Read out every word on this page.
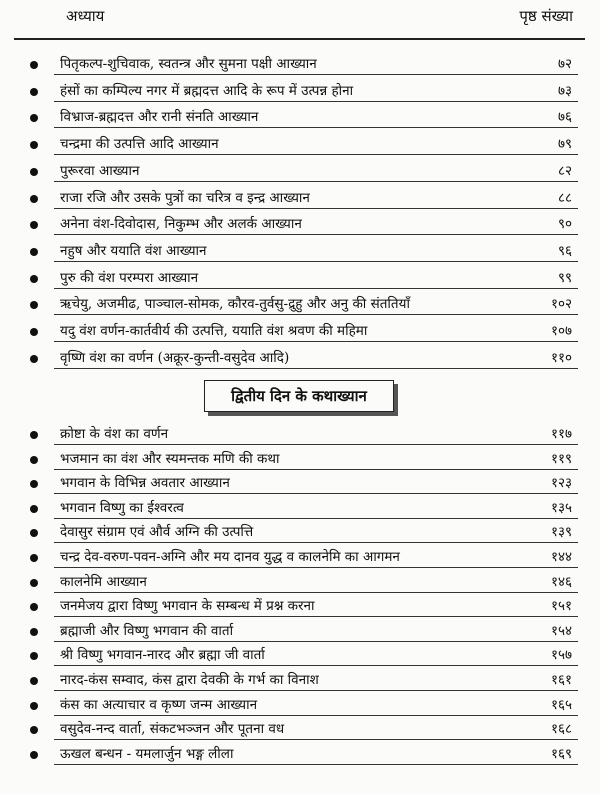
अध्याय	पृष्ठ संख्या
पितृकल्प-शुचिवाक, स्वतन्त्र और सुमना पक्षी आख्यान	७२
हंसों का कम्पिल्य नगर में ब्रह्मदत्त आदि के रूप में उत्पन्न होना	७३
विभ्राज-ब्रह्मदत्त और रानी संनति आख्यान	७६
चन्द्रमा की उत्पत्ति आदि आख्यान	७९
पुरूरवा आख्यान	८२
राजा रजि और उसके पुत्रों का चरित्र व इन्द्र आख्यान	८८
अनेना वंश-दिवोदास, निकुम्भ और अलर्क आख्यान	९०
नहुष और ययाति वंश आख्यान	९६
पुरु की वंश परम्परा आख्यान	९९
ऋचेयु, अजमीढ, पाञ्चाल-सोमक, कौरव-तुर्वसु-द्रुहु और अनु की संततियाँ	१०२
यदु वंश वर्णन-कार्तवीर्य की उत्पत्ति, ययाति वंश श्रवण की महिमा	१०७
वृष्णि वंश का वर्णन (अक्रूर-कुन्ती-वसुदेव आदि)	११०
द्वितीय दिन के कथाख्यान
क्रोष्टा के वंश का वर्णन	११७
भजमान का वंश और स्यमन्तक मणि की कथा	११९
भगवान के विभिन्न अवतार आख्यान	१२३
भगवान विष्णु का ईश्वरत्व	१३५
देवासुर संग्राम एवं और्व अग्नि की उत्पत्ति	१३९
चन्द्र देव-वरुण-पवन-अग्नि और मय दानव युद्ध व कालनेमि का आगमन	१४४
कालनेमि आख्यान	१४६
जनमेजय द्वारा विष्णु भगवान के सम्बन्ध में प्रश्न करना	१५१
ब्रह्माजी और विष्णु भगवान की वार्ता	१५४
श्री विष्णु भगवान-नारद और ब्रह्मा जी वार्ता	१५७
नारद-कंस सम्वाद, कंस द्वारा देवकी के गर्भ का विनाश	१६१
कंस का अत्याचार व कृष्ण जन्म आख्यान	१६५
वसुदेव-नन्द वार्ता, संकटभञ्जन और पूतना वध	१६८
ऊखल बन्धन - यमलार्जुन भङ्ग लीला	१६९
